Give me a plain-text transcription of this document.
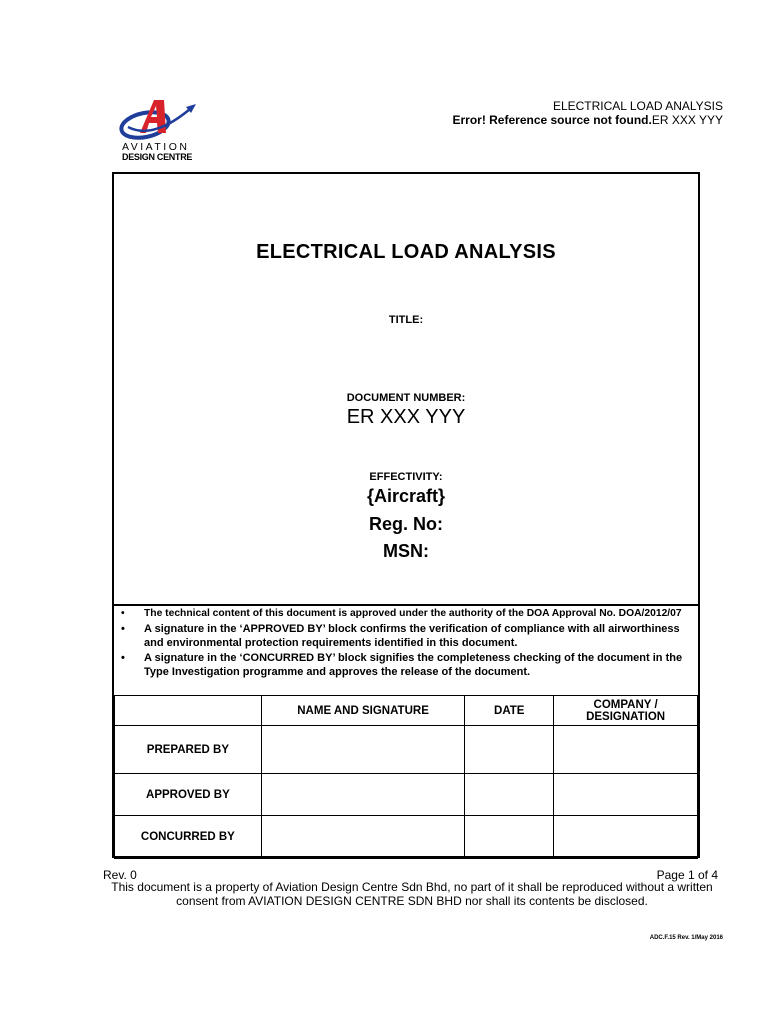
AVIATION
DESIGN CENTRE
ELECTRICAL LOAD ANALYSIS
Error! Reference source not found.ER XXX YYY
ELECTRICAL LOAD ANALYSIS
TITLE:
DOCUMENT NUMBER:
ER XXX YYY
EFFECTIVITY:
{Aircraft}
Reg. No:
MSN:
• The technical content of this document is approved under the authority of the DOA Approval No. DOA/2012/07
• A signature in the ‘APPROVED BY’ block confirms the verification of compliance with all airworthiness and environmental protection requirements identified in this document.
• A signature in the ‘CONCURRED BY’ block signifies the completeness checking of the document in the Type Investigation programme and approves the release of the document.
	NAME AND SIGNATURE	DATE	COMPANY / DESIGNATION
PREPARED BY			
APPROVED BY			
CONCURRED BY			
Rev. 0	Page 1 of 4
This document is a property of Aviation Design Centre Sdn Bhd, no part of it shall be reproduced without a written consent from AVIATION DESIGN CENTRE SDN BHD nor shall its contents be disclosed.
ADC.F.15 Rev. 1/May 2016
